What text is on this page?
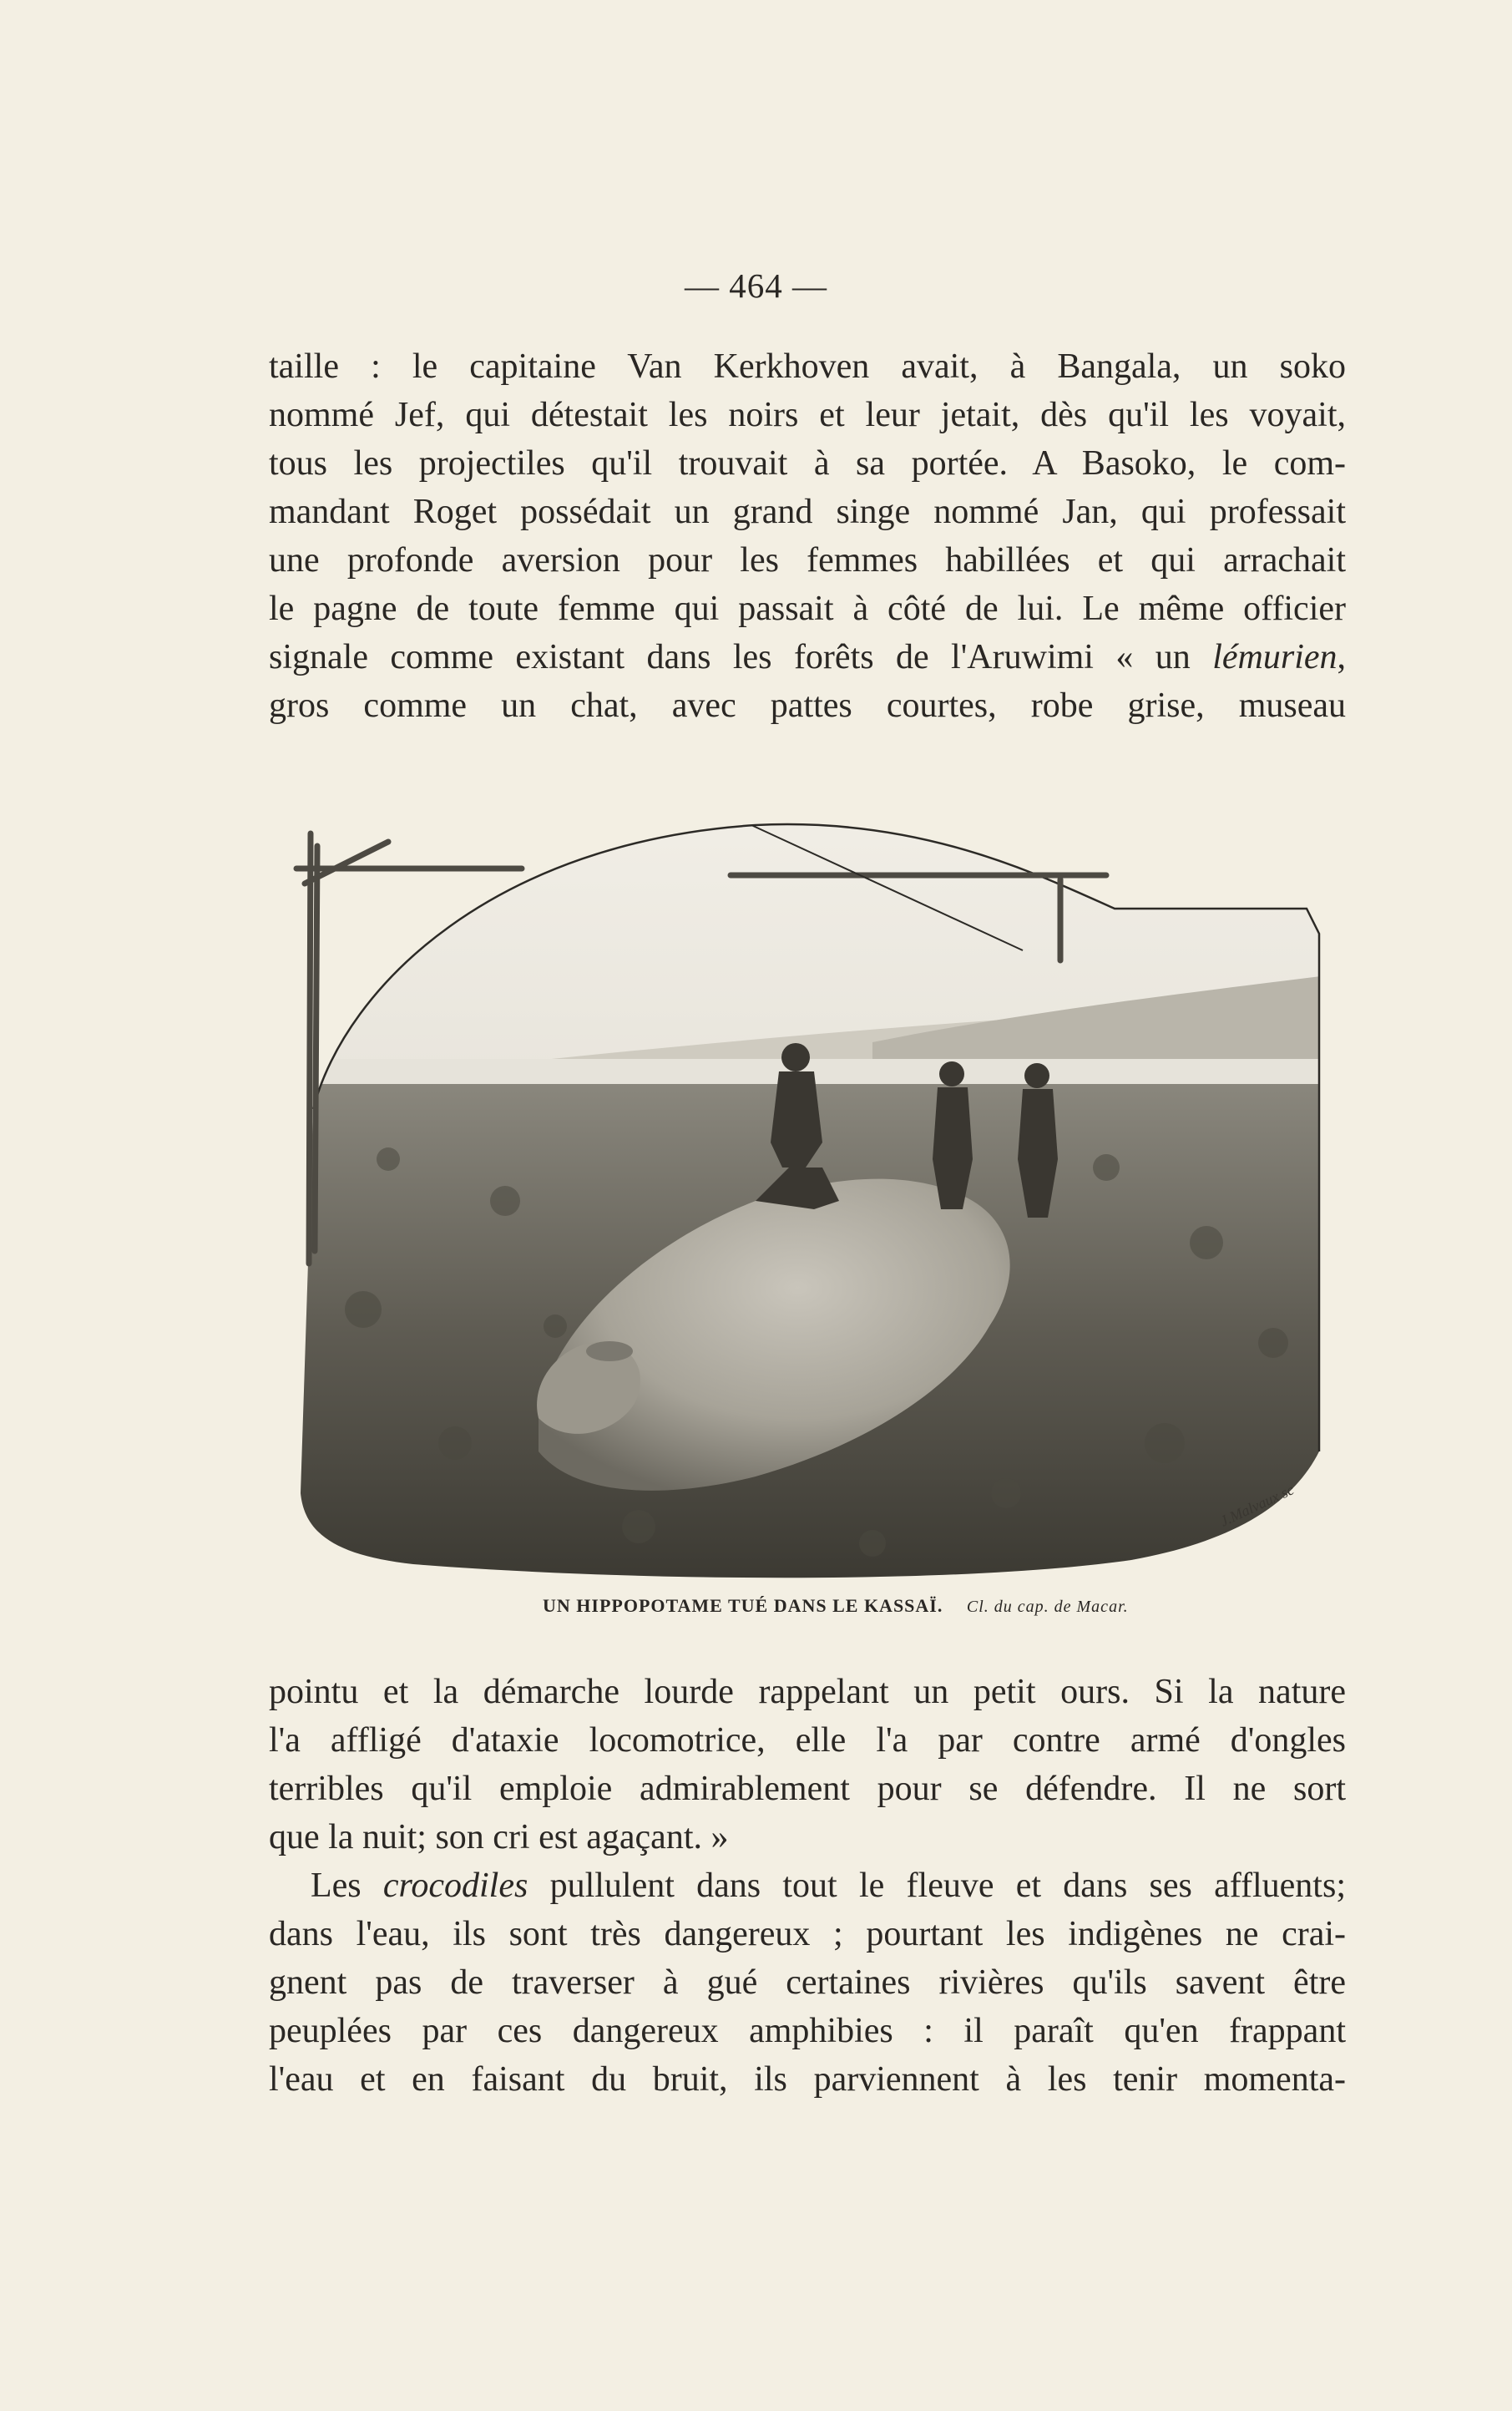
— 464 —
taille : le capitaine Van Kerkhoven avait, à Bangala, un soko
nommé Jef, qui détestait les noirs et leur jetait, dès qu'il les voyait,
tous les projectiles qu'il trouvait à sa portée. A Basoko, le com-
mandant Roget possédait un grand singe nommé Jan, qui professait
une profonde aversion pour les femmes habillées et qui arrachait
le pagne de toute femme qui passait à côté de lui. Le même officier
signale comme existant dans les forêts de l'Aruwimi « un lémurien,
gros comme un chat, avec pattes courtes, robe grise, museau
J.Malvaux sc
UN HIPPOPOTAME TUÉ DANS LE KASSAÏ. Cl. du cap. de Macar.
pointu et la démarche lourde rappelant un petit ours. Si la nature
l'a affligé d'ataxie locomotrice, elle l'a par contre armé d'ongles
terribles qu'il emploie admirablement pour se défendre. Il ne sort
que la nuit; son cri est agaçant. »
Les crocodiles pullulent dans tout le fleuve et dans ses affluents;
dans l'eau, ils sont très dangereux ; pourtant les indigènes ne crai-
gnent pas de traverser à gué certaines rivières qu'ils savent être
peuplées par ces dangereux amphibies : il paraît qu'en frappant
l'eau et en faisant du bruit, ils parviennent à les tenir momenta-
